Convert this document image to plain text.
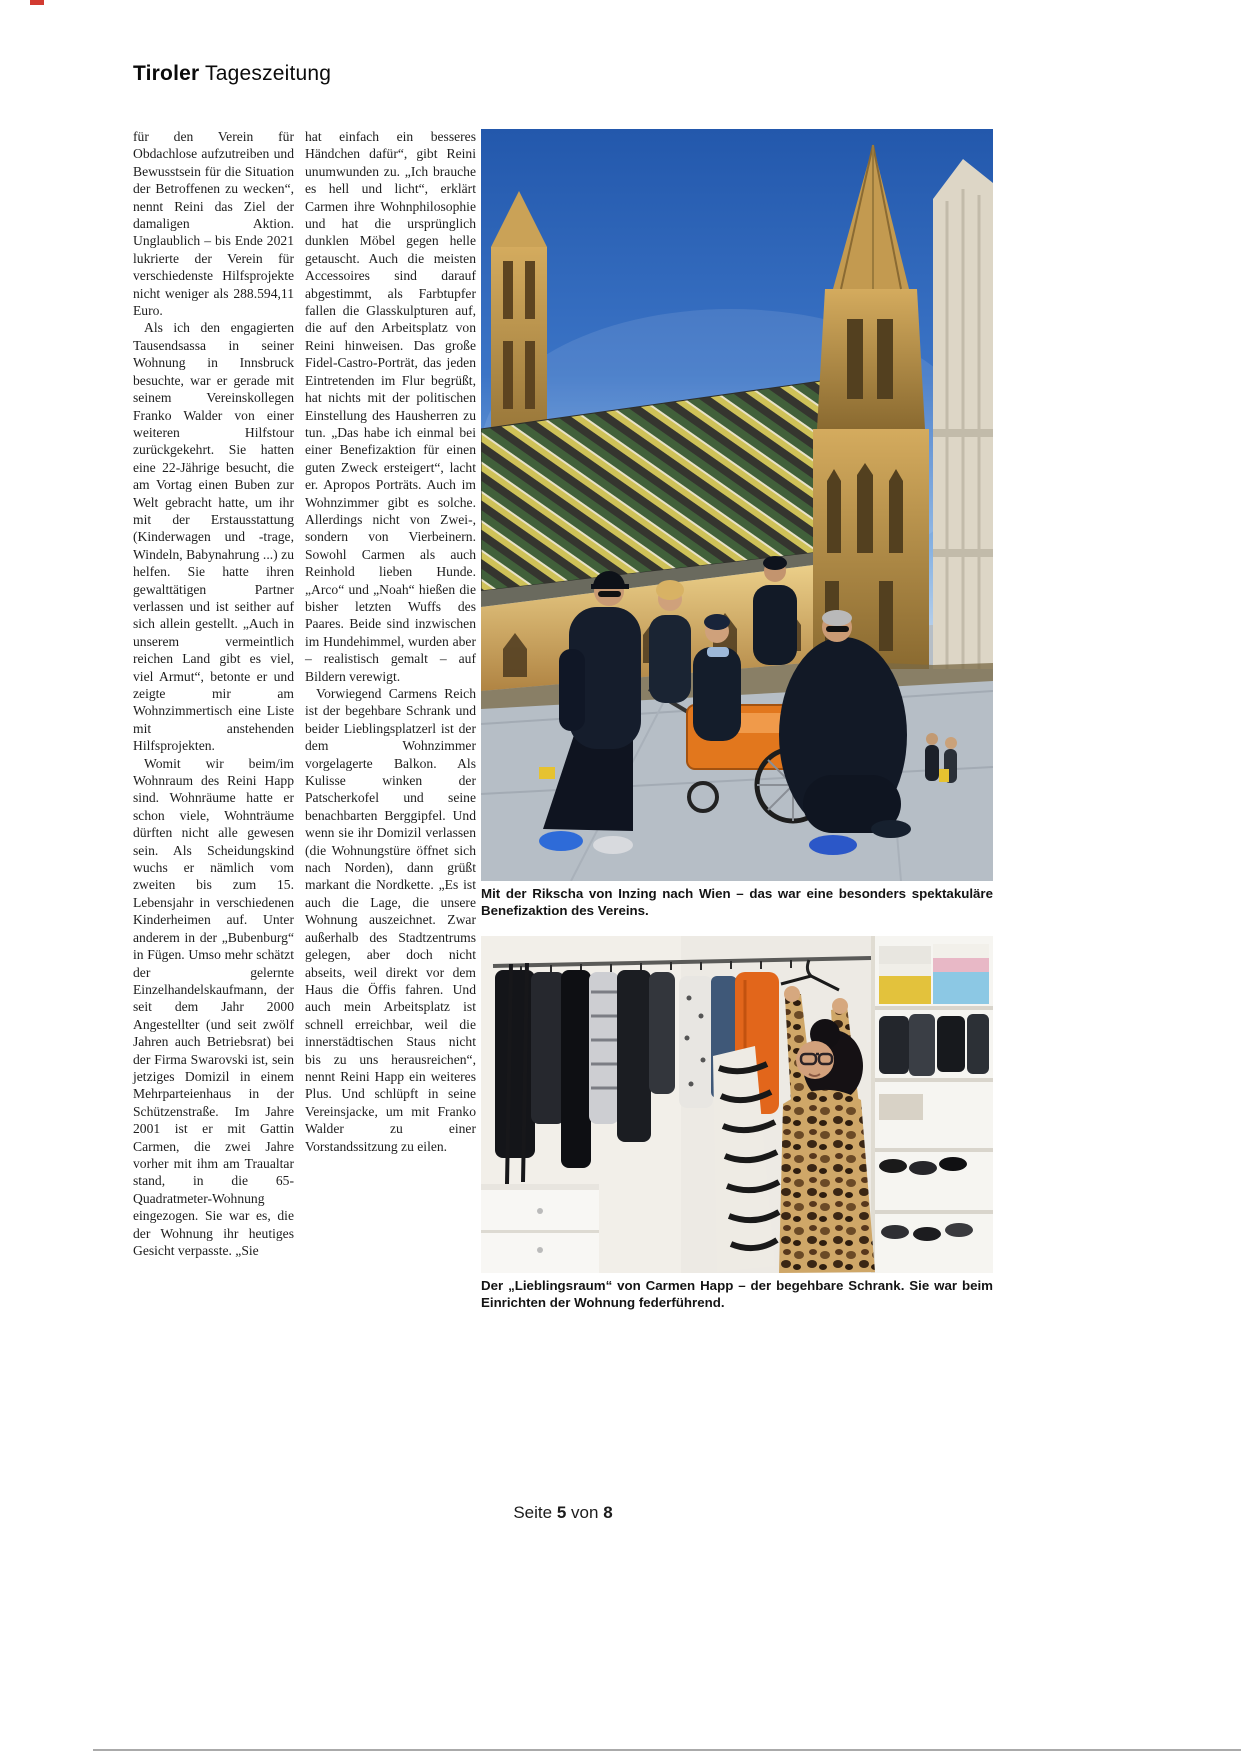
Tiroler Tageszeitung

für den Verein für Obdachlose aufzutreiben und Bewusstsein für die Situation der Betroffenen zu wecken“, nennt Reini das Ziel der damaligen Aktion. Unglaublich – bis Ende 2021 lukrierte der Verein für verschiedenste Hilfsprojekte nicht weniger als 288.594,11 Euro.

Als ich den engagierten Tausendsassa in seiner Wohnung in Innsbruck besuchte, war er gerade mit seinem Vereinskollegen Franko Walder von einer weiteren Hilfstour zurückgekehrt. Sie hatten eine 22-Jährige besucht, die am Vortag einen Buben zur Welt gebracht hatte, um ihr mit der Erstausstattung (Kinderwagen und -trage, Windeln, Babynahrung ...) zu helfen. Sie hatte ihren gewalttätigen Partner verlassen und ist seither auf sich allein gestellt. „Auch in unserem vermeintlich reichen Land gibt es viel, viel Armut“, betonte er und zeigte mir am Wohnzimmertisch eine Liste mit anstehenden Hilfsprojekten.

Womit wir beim/im Wohnraum des Reini Happ sind. Wohnräume hatte er schon viele, Wohnträume dürften nicht alle gewesen sein. Als Scheidungskind wuchs er nämlich vom zweiten bis zum 15. Lebensjahr in verschiedenen Kinderheimen auf. Unter anderem in der „Bubenburg“ in Fügen. Umso mehr schätzt der gelernte Einzelhandelskaufmann, der seit dem Jahr 2000 Angestellter (und seit zwölf Jahren auch Betriebsrat) bei der Firma Swarovski ist, sein jetziges Domizil in einem Mehrparteienhaus in der Schützenstraße. Im Jahre 2001 ist er mit Gattin Carmen, die zwei Jahre vorher mit ihm am Traualtar stand, in die 65-Quadratmeter-Wohnung eingezogen. Sie war es, die der Wohnung ihr heutiges Gesicht verpasste. „Sie

hat einfach ein besseres Händchen dafür“, gibt Reini unumwunden zu. „Ich brauche es hell und licht“, erklärt Carmen ihre Wohnphilosophie und hat die ursprünglich dunklen Möbel gegen helle getauscht. Auch die meisten Accessoires sind darauf abgestimmt, als Farbtupfer fallen die Glasskulpturen auf, die auf den Arbeitsplatz von Reini hinweisen. Das große Fidel-Castro-Porträt, das jeden Eintretenden im Flur begrüßt, hat nichts mit der politischen Einstellung des Hausherren zu tun. „Das habe ich einmal bei einer Benefizaktion für einen guten Zweck ersteigert“, lacht er. Apropos Porträts. Auch im Wohnzimmer gibt es solche. Allerdings nicht von Zwei-, sondern von Vierbeinern. Sowohl Carmen als auch Reinhold lieben Hunde. „Arco“ und „Noah“ hießen die bisher letzten Wuffs des Paares. Beide sind inzwischen im Hundehimmel, wurden aber – realistisch gemalt – auf Bildern verewigt.

Vorwiegend Carmens Reich ist der begehbare Schrank und beider Lieblingsplatzerl ist der dem Wohnzimmer vorgelagerte Balkon. Als Kulisse winken der Patscherkofel und seine benachbarten Berggipfel. Und wenn sie ihr Domizil verlassen (die Wohnungstüre öffnet sich nach Norden), dann grüßt markant die Nordkette. „Es ist auch die Lage, die unsere Wohnung auszeichnet. Zwar außerhalb des Stadtzentrums gelegen, aber doch nicht abseits, weil direkt vor dem Haus die Öffis fahren. Und auch mein Arbeitsplatz ist schnell erreichbar, weil die innerstädtischen Staus nicht bis zu uns herausreichen“, nennt Reini Happ ein weiteres Plus. Und schlüpft in seine Vereinsjacke, um mit Franko Walder zu einer Vorstandssitzung zu eilen.

Mit der Rikscha von Inzing nach Wien – das war eine besonders spektakuläre Benefizaktion des Vereins.
Der „Lieblingsraum“ von Carmen Happ – der begehbare Schrank. Sie war beim Einrichten der Wohnung federführend.
Seite 5 von 8
